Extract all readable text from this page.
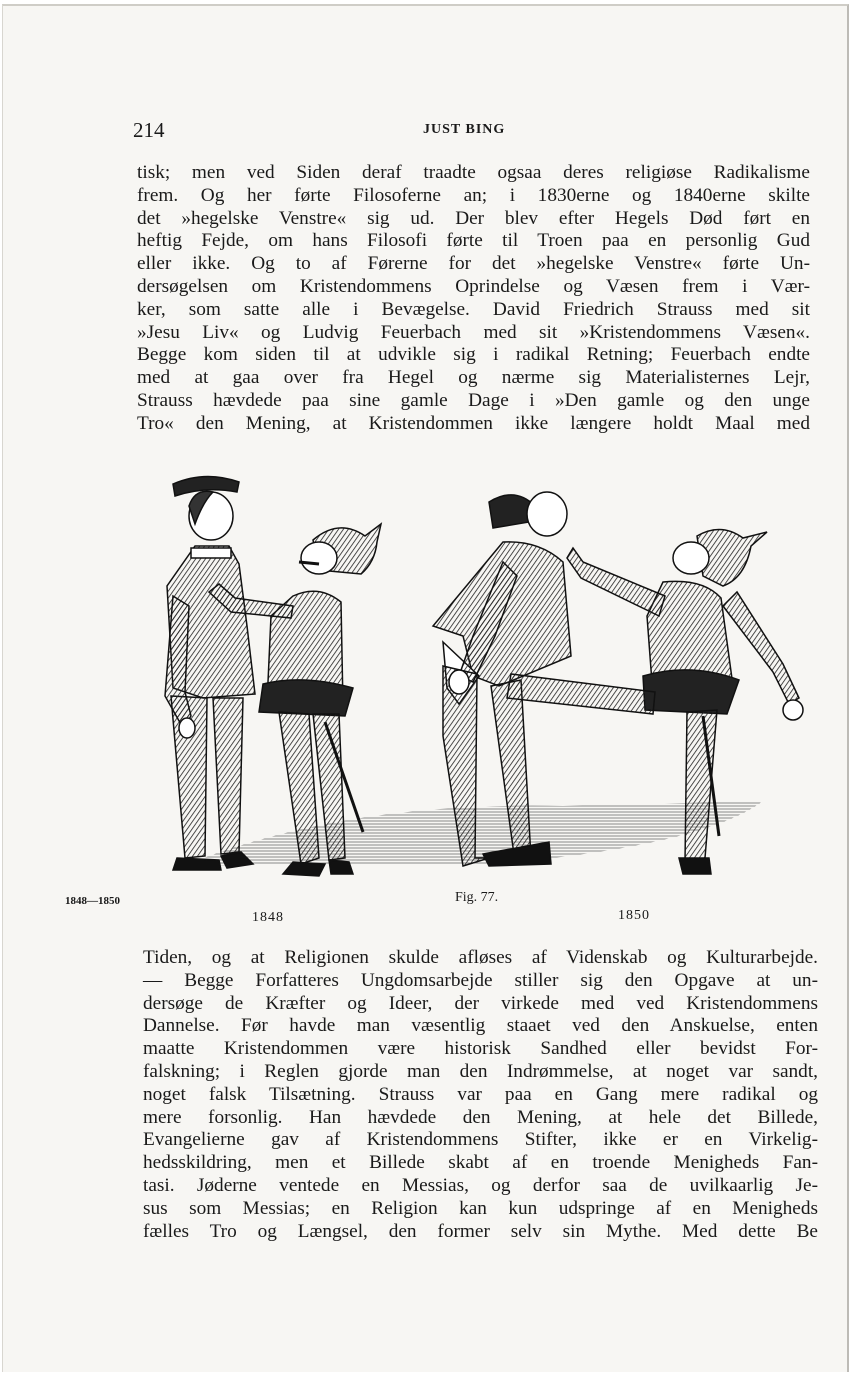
214	JUST BING
tisk; men ved Siden deraf traadte ogsaa deres religiøse Radikalisme
frem. Og her førte Filosoferne an; i 1830erne og 1840erne skilte
det »hegelske Venstre« sig ud. Der blev efter Hegels Død ført en
heftig Fejde, om hans Filosofi førte til Troen paa en personlig Gud
eller ikke. Og to af Førerne for det »hegelske Venstre« førte Un-
dersøgelsen om Kristendommens Oprindelse og Væsen frem i Vær-
ker, som satte alle i Bevægelse. David Friedrich Strauss med sit
»Jesu Liv« og Ludvig Feuerbach med sit »Kristendommens Væsen«.
Begge kom siden til at udvikle sig i radikal Retning; Feuerbach endte
med at gaa over fra Hegel og nærme sig Materialisternes Lejr,
Strauss hævdede paa sine gamle Dage i »Den gamle og den unge
Tro« den Mening, at Kristendommen ikke længere holdt Maal med
1848—1850	Fig. 77.
1848	1850
Tiden, og at Religionen skulde afløses af Videnskab og Kulturarbejde.
— Begge Forfatteres Ungdomsarbejde stiller sig den Opgave at un-
dersøge de Kræfter og Ideer, der virkede med ved Kristendommens
Dannelse. Før havde man væsentlig staaet ved den Anskuelse, enten
maatte Kristendommen være historisk Sandhed eller bevidst For-
falskning; i Reglen gjorde man den Indrømmelse, at noget var sandt,
noget falsk Tilsætning. Strauss var paa en Gang mere radikal og
mere forsonlig. Han hævdede den Mening, at hele det Billede,
Evangelierne gav af Kristendommens Stifter, ikke er en Virkelig-
hedsskildring, men et Billede skabt af en troende Menigheds Fan-
tasi. Jøderne ventede en Messias, og derfor saa de uvilkaarlig Je-
sus som Messias; en Religion kan kun udspringe af en Menigheds
fælles Tro og Længsel, den former selv sin Mythe. Med dette Be
